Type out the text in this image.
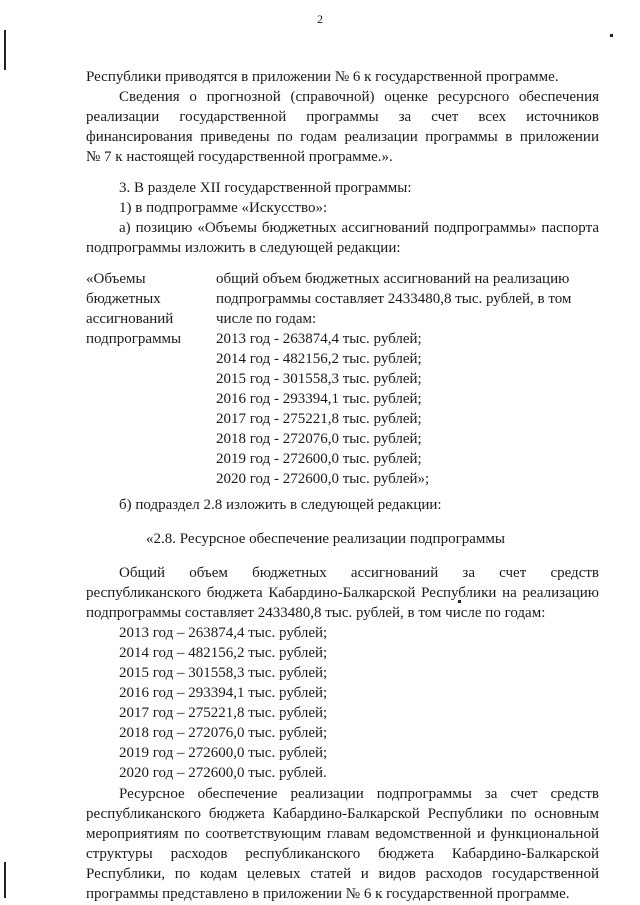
2
Республики приводятся в приложении № 6 к государственной программе.
Сведения о прогнозной (справочной) оценке ресурсного обеспечения
реализации государственной программы за счет всех источников
финансирования приведены по годам реализации программы в приложении
№ 7 к настоящей государственной программе.».
3. В разделе XII государственной программы:
1) в подпрограмме «Искусство»:
а) позицию «Объемы бюджетных ассигнований подпрограммы» паспорта
подпрограммы изложить в следующей редакции:
«Объемы
бюджетных
ассигнований
подпрограммы
общий объем бюджетных ассигнований на реализацию
подпрограммы составляет 2433480,8 тыс. рублей, в том
числе по годам:
2013 год - 263874,4 тыс. рублей;
2014 год - 482156,2 тыс. рублей;
2015 год - 301558,3 тыс. рублей;
2016 год - 293394,1 тыс. рублей;
2017 год - 275221,8 тыс. рублей;
2018 год - 272076,0 тыс. рублей;
2019 год - 272600,0 тыс. рублей;
2020 год - 272600,0 тыс. рублей»;
б) подраздел 2.8 изложить в следующей редакции:
«2.8. Ресурсное обеспечение реализации подпрограммы
Общий объем бюджетных ассигнований за счет средств
республиканского бюджета Кабардино-Балкарской Республики на реализацию
подпрограммы составляет 2433480,8 тыс. рублей, в том числе по годам:
2013 год – 263874,4 тыс. рублей;
2014 год – 482156,2 тыс. рублей;
2015 год – 301558,3 тыс. рублей;
2016 год – 293394,1 тыс. рублей;
2017 год – 275221,8 тыс. рублей;
2018 год – 272076,0 тыс. рублей;
2019 год – 272600,0 тыс. рублей;
2020 год – 272600,0 тыс. рублей.
Ресурсное обеспечение реализации подпрограммы за счет средств
республиканского бюджета Кабардино-Балкарской Республики по основным
мероприятиям по соответствующим главам ведомственной и функциональной
структуры расходов республиканского бюджета Кабардино-Балкарской
Республики, по кодам целевых статей и видов расходов государственной
программы представлено в приложении № 6 к государственной программе.
